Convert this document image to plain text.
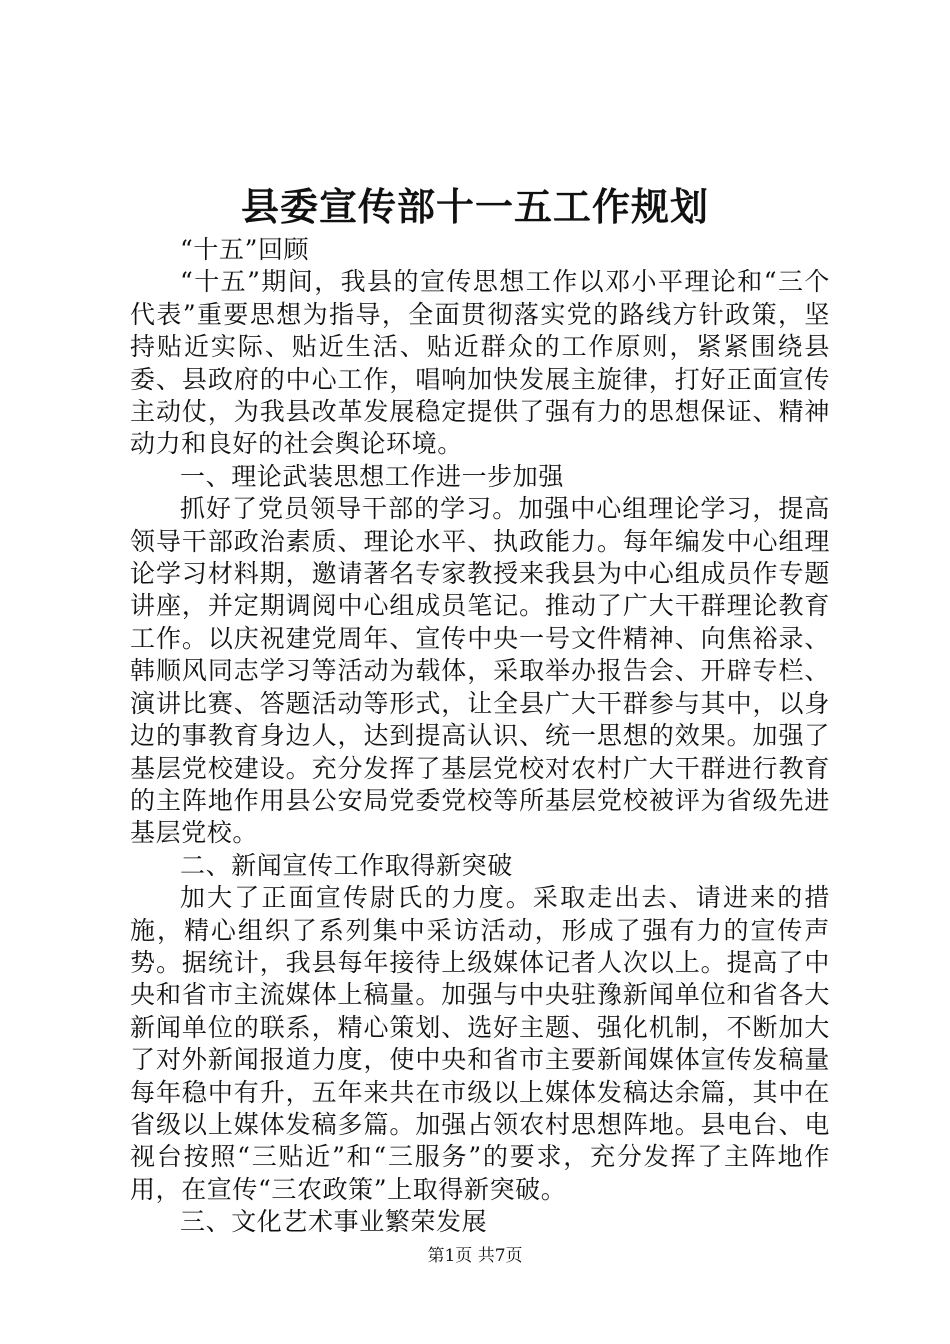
县委宣传部十一五工作规划

“十五”回顾

“十五”期间，我县的宣传思想工作以邓小平理论和“三个代表”重要思想为指导，全面贯彻落实党的路线方针政策，坚持贴近实际、贴近生活、贴近群众的工作原则，紧紧围绕县委、县政府的中心工作，唱响加快发展主旋律，打好正面宣传主动仗，为我县改革发展稳定提供了强有力的思想保证、精神动力和良好的社会舆论环境。

一、理论武装思想工作进一步加强

抓好了党员领导干部的学习。加强中心组理论学习，提高领导干部政治素质、理论水平、执政能力。每年编发中心组理论学习材料期，邀请著名专家教授来我县为中心组成员作专题讲座，并定期调阅中心组成员笔记。推动了广大干群理论教育工作。以庆祝建党周年、宣传中央一号文件精神、向焦裕录、韩顺风同志学习等活动为载体，采取举办报告会、开辟专栏、演讲比赛、答题活动等形式，让全县广大干群参与其中，以身边的事教育身边人，达到提高认识、统一思想的效果。加强了基层党校建设。充分发挥了基层党校对农村广大干群进行教育的主阵地作用县公安局党委党校等所基层党校被评为省级先进基层党校。

二、新闻宣传工作取得新突破

加大了正面宣传尉氏的力度。采取走出去、请进来的措施，精心组织了系列集中采访活动，形成了强有力的宣传声势。据统计，我县每年接待上级媒体记者人次以上。提高了中央和省市主流媒体上稿量。加强与中央驻豫新闻单位和省各大新闻单位的联系，精心策划、选好主题、强化机制，不断加大了对外新闻报道力度，使中央和省市主要新闻媒体宣传发稿量每年稳中有升，五年来共在市级以上媒体发稿达余篇，其中在省级以上媒体发稿多篇。加强占领农村思想阵地。县电台、电视台按照“三贴近”和“三服务”的要求，充分发挥了主阵地作用，在宣传“三农政策”上取得新突破。

三、文化艺术事业繁荣发展

第1页 共7页
